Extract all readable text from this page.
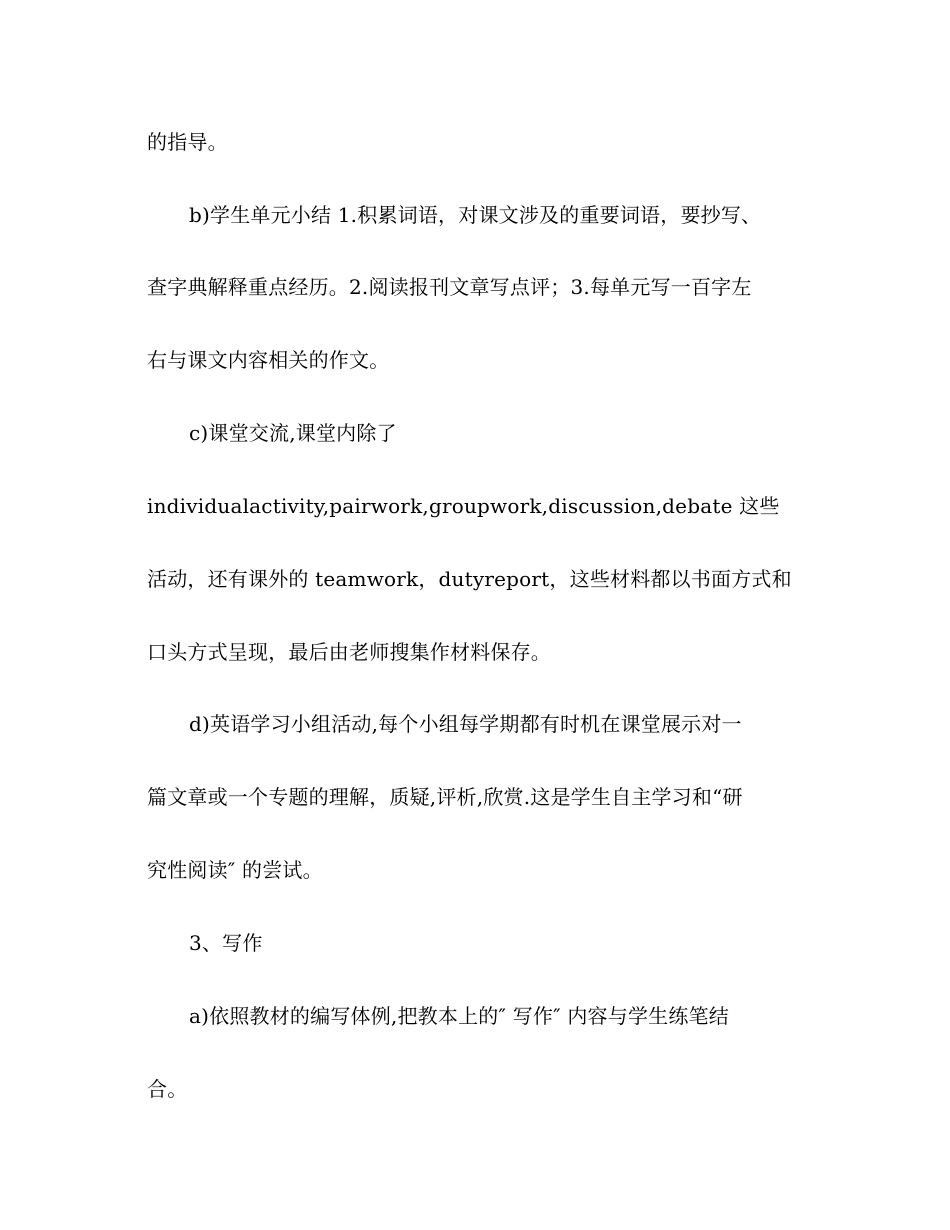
的指导。
b)学生单元小结 1.积累词语，对课文涉及的重要词语，要抄写、
查字典解释重点经历。2.阅读报刊文章写点评；3.每单元写一百字左
右与课文内容相关的作文。
c)课堂交流,课堂内除了
individualactivity,pairwork,groupwork,discussion,debate 这些
活动，还有课外的 teamwork，dutyreport，这些材料都以书面方式和
口头方式呈现，最后由老师搜集作材料保存。
d)英语学习小组活动,每个小组每学期都有时机在课堂展示对一
篇文章或一个专题的理解，质疑,评析,欣赏.这是学生自主学习和“研
究性阅读″ 的尝试。
3、写作
a)依照教材的编写体例,把教本上的″ 写作″ 内容与学生练笔结
合。
